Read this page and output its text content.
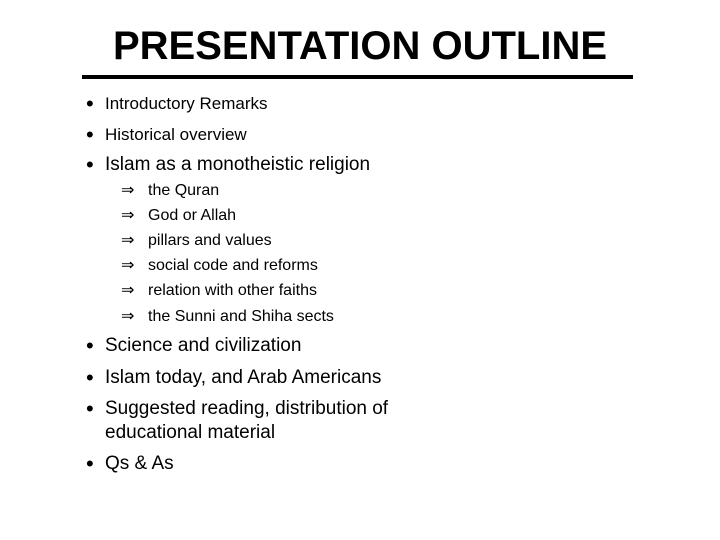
PRESENTATION OUTLINE
• Introductory Remarks
• Historical overview
• Islam as a monotheistic religion
⇒ the Quran
⇒ God or Allah
⇒ pillars and values
⇒ social code and reforms
⇒ relation with other faiths
⇒ the Sunni and Shiha sects
• Science and civilization
• Islam today, and Arab Americans
• Suggested reading, distribution of
educational material
• Qs & As
